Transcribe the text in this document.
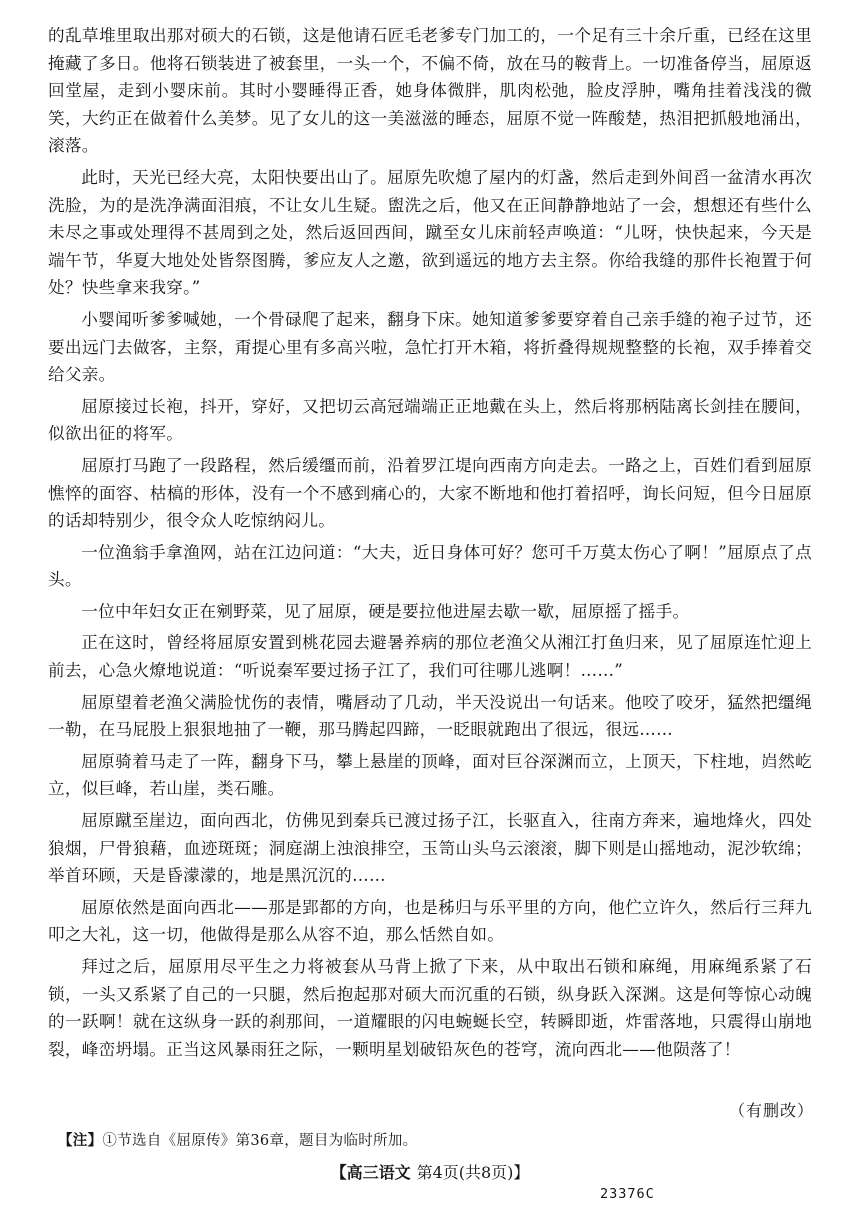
的乱草堆里取出那对硕大的石锁，这是他请石匠毛老爹专门加工的，一个足有三十余斤重，已经在这里掩藏了多日。他将石锁装进了被套里，一头一个，不偏不倚，放在马的鞍背上。一切准备停当，屈原返回堂屋，走到小婴床前。其时小婴睡得正香，她身体微胖，肌肉松弛，脸皮浮肿，嘴角挂着浅浅的微笑，大约正在做着什么美梦。见了女儿的这一美滋滋的睡态，屈原不觉一阵酸楚，热泪把抓般地涌出，滚落。

此时，天光已经大亮，太阳快要出山了。屈原先吹熄了屋内的灯盏，然后走到外间舀一盆清水再次洗脸，为的是洗净满面泪痕，不让女儿生疑。盥洗之后，他又在正间静静地站了一会，想想还有些什么未尽之事或处理得不甚周到之处，然后返回西间，蹴至女儿床前轻声唤道：“儿呀，快快起来，今天是端午节，华夏大地处处皆祭图腾，爹应友人之邀，欲到遥远的地方去主祭。你给我缝的那件长袍置于何处？快些拿来我穿。”

小婴闻听爹爹喊她，一个骨碌爬了起来，翻身下床。她知道爹爹要穿着自己亲手缝的袍子过节，还要出远门去做客，主祭，甭提心里有多高兴啦，急忙打开木箱，将折叠得规规整整的长袍，双手捧着交给父亲。

屈原接过长袍，抖开，穿好，又把切云高冠端端正正地戴在头上，然后将那柄陆离长剑挂在腰间，似欲出征的将军。

屈原打马跑了一段路程，然后缓缰而前，沿着罗江堤向西南方向走去。一路之上，百姓们看到屈原憔悴的面容、枯槁的形体，没有一个不感到痛心的，大家不断地和他打着招呼，询长问短，但今日屈原的话却特别少，很令众人吃惊纳闷儿。

一位渔翁手拿渔网，站在江边问道：“大夫，近日身体可好？您可千万莫太伤心了啊！”屈原点了点头。

一位中年妇女正在剜野菜，见了屈原，硬是要拉他进屋去歇一歇，屈原摇了摇手。

正在这时，曾经将屈原安置到桃花园去避暑养病的那位老渔父从湘江打鱼归来，见了屈原连忙迎上前去，心急火燎地说道：“听说秦军要过扬子江了，我们可往哪儿逃啊！……”

屈原望着老渔父满脸忧伤的表情，嘴唇动了几动，半天没说出一句话来。他咬了咬牙，猛然把缰绳一勒，在马屁股上狠狠地抽了一鞭，那马腾起四蹄，一眨眼就跑出了很远，很远……

屈原骑着马走了一阵，翻身下马，攀上悬崖的顶峰，面对巨谷深渊而立，上顶天，下柱地，岿然屹立，似巨峰，若山崖，类石雕。

屈原蹴至崖边，面向西北，仿佛见到秦兵已渡过扬子江，长驱直入，往南方奔来，遍地烽火，四处狼烟，尸骨狼藉，血迹斑斑；洞庭湖上浊浪排空，玉笥山头乌云滚滚，脚下则是山摇地动，泥沙软绵；举首环顾，天是昏濛濛的，地是黑沉沉的……

屈原依然是面向西北——那是郢都的方向，也是秭归与乐平里的方向，他伫立许久，然后行三拜九叩之大礼，这一切，他做得是那么从容不迫，那么恬然自如。

拜过之后，屈原用尽平生之力将被套从马背上掀了下来，从中取出石锁和麻绳，用麻绳系紧了石锁，一头又系紧了自己的一只腿，然后抱起那对硕大而沉重的石锁，纵身跃入深渊。这是何等惊心动魄的一跃啊！就在这纵身一跃的刹那间，一道耀眼的闪电蜿蜒长空，转瞬即逝，炸雷落地，只震得山崩地裂，峰峦坍塌。正当这风暴雨狂之际，一颗明星划破铅灰色的苍穹，流向西北——他陨落了！

（有删改）
【注】①节选自《屈原传》第36章，题目为临时所加。
【高三语文 第4页(共8页)】
23376C
